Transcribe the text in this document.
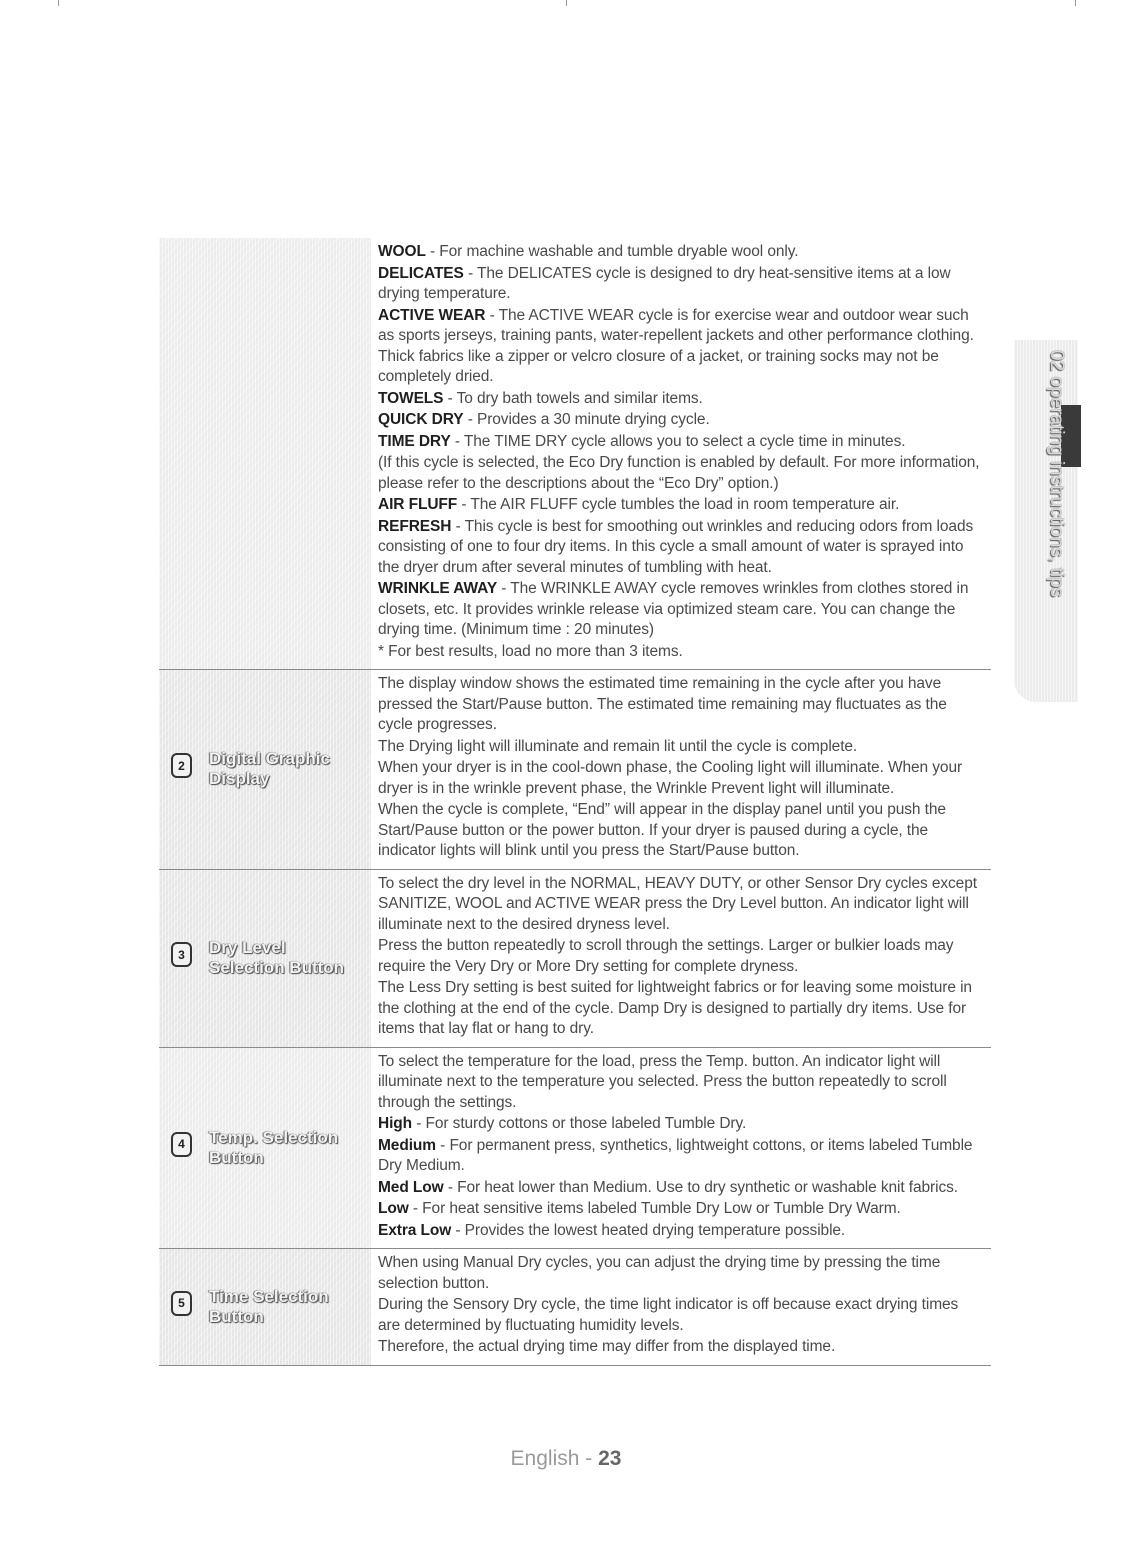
WOOL - For machine washable and tumble dryable wool only.

DELICATES - The DELICATES cycle is designed to dry heat-sensitive items at a low drying temperature.

ACTIVE WEAR - The ACTIVE WEAR cycle is for exercise wear and outdoor wear such as sports jerseys, training pants, water-repellent jackets and other performance clothing. Thick fabrics like a zipper or velcro closure of a jacket, or training socks may not be completely dried.

TOWELS - To dry bath towels and similar items.

QUICK DRY - Provides a 30 minute drying cycle.

TIME DRY - The TIME DRY cycle allows you to select a cycle time in minutes.

(If this cycle is selected, the Eco Dry function is enabled by default. For more information, please refer to the descriptions about the “Eco Dry” option.)

AIR FLUFF - The AIR FLUFF cycle tumbles the load in room temperature air.

REFRESH - This cycle is best for smoothing out wrinkles and reducing odors from loads consisting of one to four dry items. In this cycle a small amount of water is sprayed into the dryer drum after several minutes of tumbling with heat.

WRINKLE AWAY - The WRINKLE AWAY cycle removes wrinkles from clothes stored in closets, etc. It provides wrinkle release via optimized steam care. You can change the drying time. (Minimum time : 20 minutes)

* For best results, load no more than 3 items.

2	Digital Graphic Display

The display window shows the estimated time remaining in the cycle after you have pressed the Start/Pause button. The estimated time remaining may fluctuates as the cycle progresses.

The Drying light will illuminate and remain lit until the cycle is complete.

When your dryer is in the cool-down phase, the Cooling light will illuminate. When your dryer is in the wrinkle prevent phase, the Wrinkle Prevent light will illuminate.

When the cycle is complete, “End” will appear in the display panel until you push the Start/Pause button or the power button. If your dryer is paused during a cycle, the indicator lights will blink until you press the Start/Pause button.

3	Dry Level Selection Button

To select the dry level in the NORMAL, HEAVY DUTY, or other Sensor Dry cycles except SANITIZE, WOOL and ACTIVE WEAR press the Dry Level button. An indicator light will illuminate next to the desired dryness level.

Press the button repeatedly to scroll through the settings. Larger or bulkier loads may require the Very Dry or More Dry setting for complete dryness.

The Less Dry setting is best suited for lightweight fabrics or for leaving some moisture in the clothing at the end of the cycle. Damp Dry is designed to partially dry items. Use for items that lay flat or hang to dry.

4	Temp. Selection Button

To select the temperature for the load, press the Temp. button. An indicator light will illuminate next to the temperature you selected. Press the button repeatedly to scroll through the settings.

High - For sturdy cottons or those labeled Tumble Dry.

Medium - For permanent press, synthetics, lightweight cottons, or items labeled Tumble Dry Medium.

Med Low - For heat lower than Medium. Use to dry synthetic or washable knit fabrics.

Low - For heat sensitive items labeled Tumble Dry Low or Tumble Dry Warm.

Extra Low - Provides the lowest heated drying temperature possible.

5	Time Selection Button

When using Manual Dry cycles, you can adjust the drying time by pressing the time selection button.

During the Sensory Dry cycle, the time light indicator is off because exact drying times are determined by fluctuating humidity levels.

Therefore, the actual drying time may differ from the displayed time.

02 operating instructions, tips
English - 23
